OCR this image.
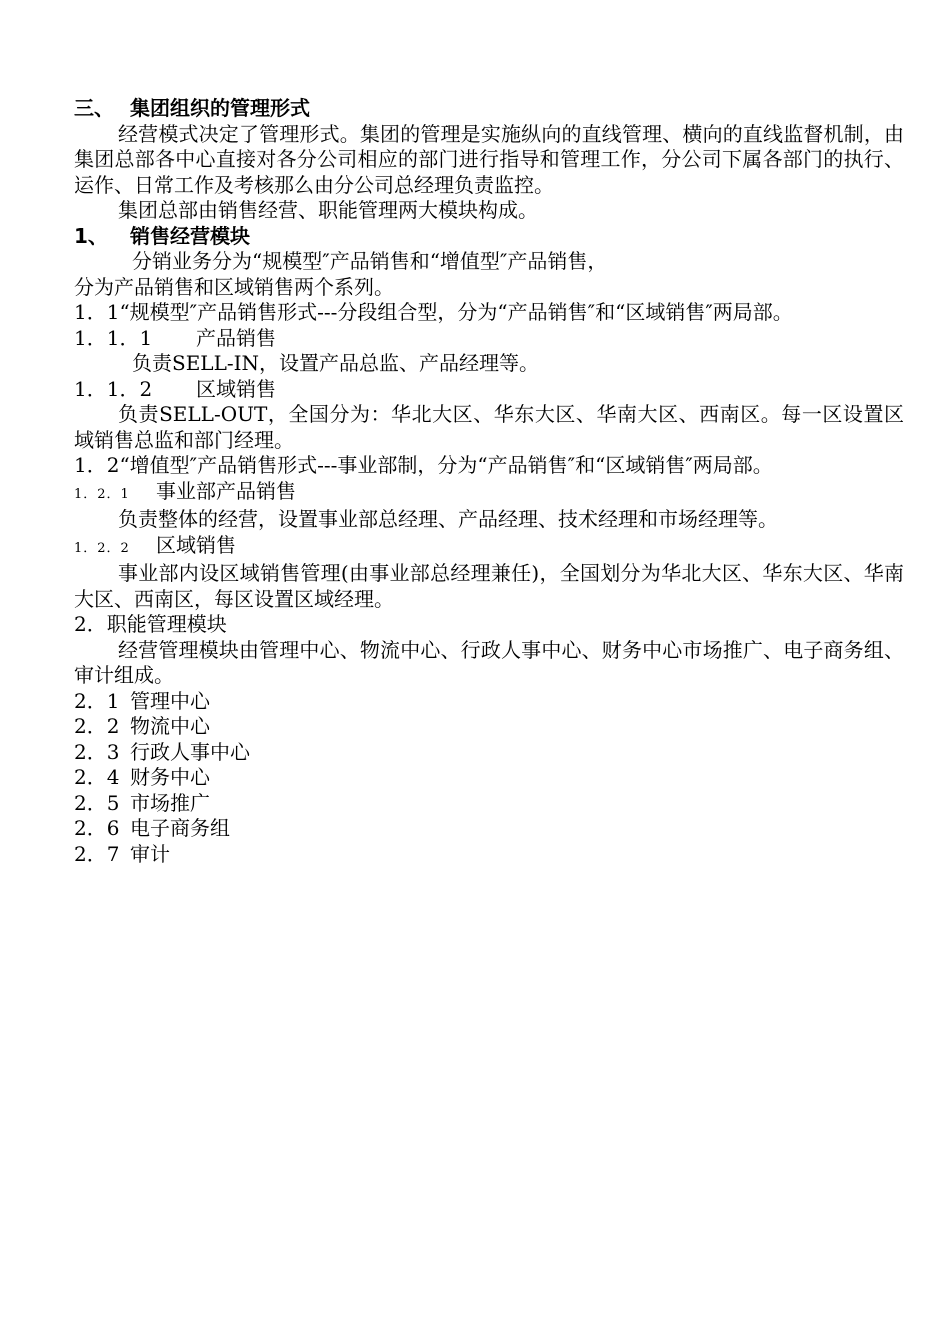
三、 集团组织的管理形式
经营模式决定了管理形式。集团的管理是实施纵向的直线管理、横向的直线监督机制，由集团总部各中心直接对各分公司相应的部门进行指导和管理工作，分公司下属各部门的执行、运作、日常工作及考核那么由分公司总经理负责监控。
集团总部由销售经营、职能管理两大模块构成。
1、 销售经营模块
分销业务分为“规模型″产品销售和“增值型″产品销售，
分为产品销售和区域销售两个系列。
1．1“规模型″产品销售形式---分段组合型，分为“产品销售″和“区域销售″两局部。
1．1．1 产品销售
负责SELL-IN，设置产品总监、产品经理等。
1．1．2 区域销售
负责SELL-OUT，全国分为：华北大区、华东大区、华南大区、西南区。每一区设置区域销售总监和部门经理。
1．2“增值型″产品销售形式---事业部制，分为“产品销售″和“区域销售″两局部。
1．2．1 事业部产品销售
负责整体的经营，设置事业部总经理、产品经理、技术经理和市场经理等。
1．2．2 区域销售
事业部内设区域销售管理(由事业部总经理兼任)，全国划分为华北大区、华东大区、华南大区、西南区，每区设置区域经理。
2．职能管理模块
经营管理模块由管理中心、物流中心、行政人事中心、财务中心市场推广、电子商务组、审计组成。
2．1 管理中心
2．2 物流中心
2．3 行政人事中心
2．4 财务中心
2．5 市场推广
2．6 电子商务组
2．7 审计
